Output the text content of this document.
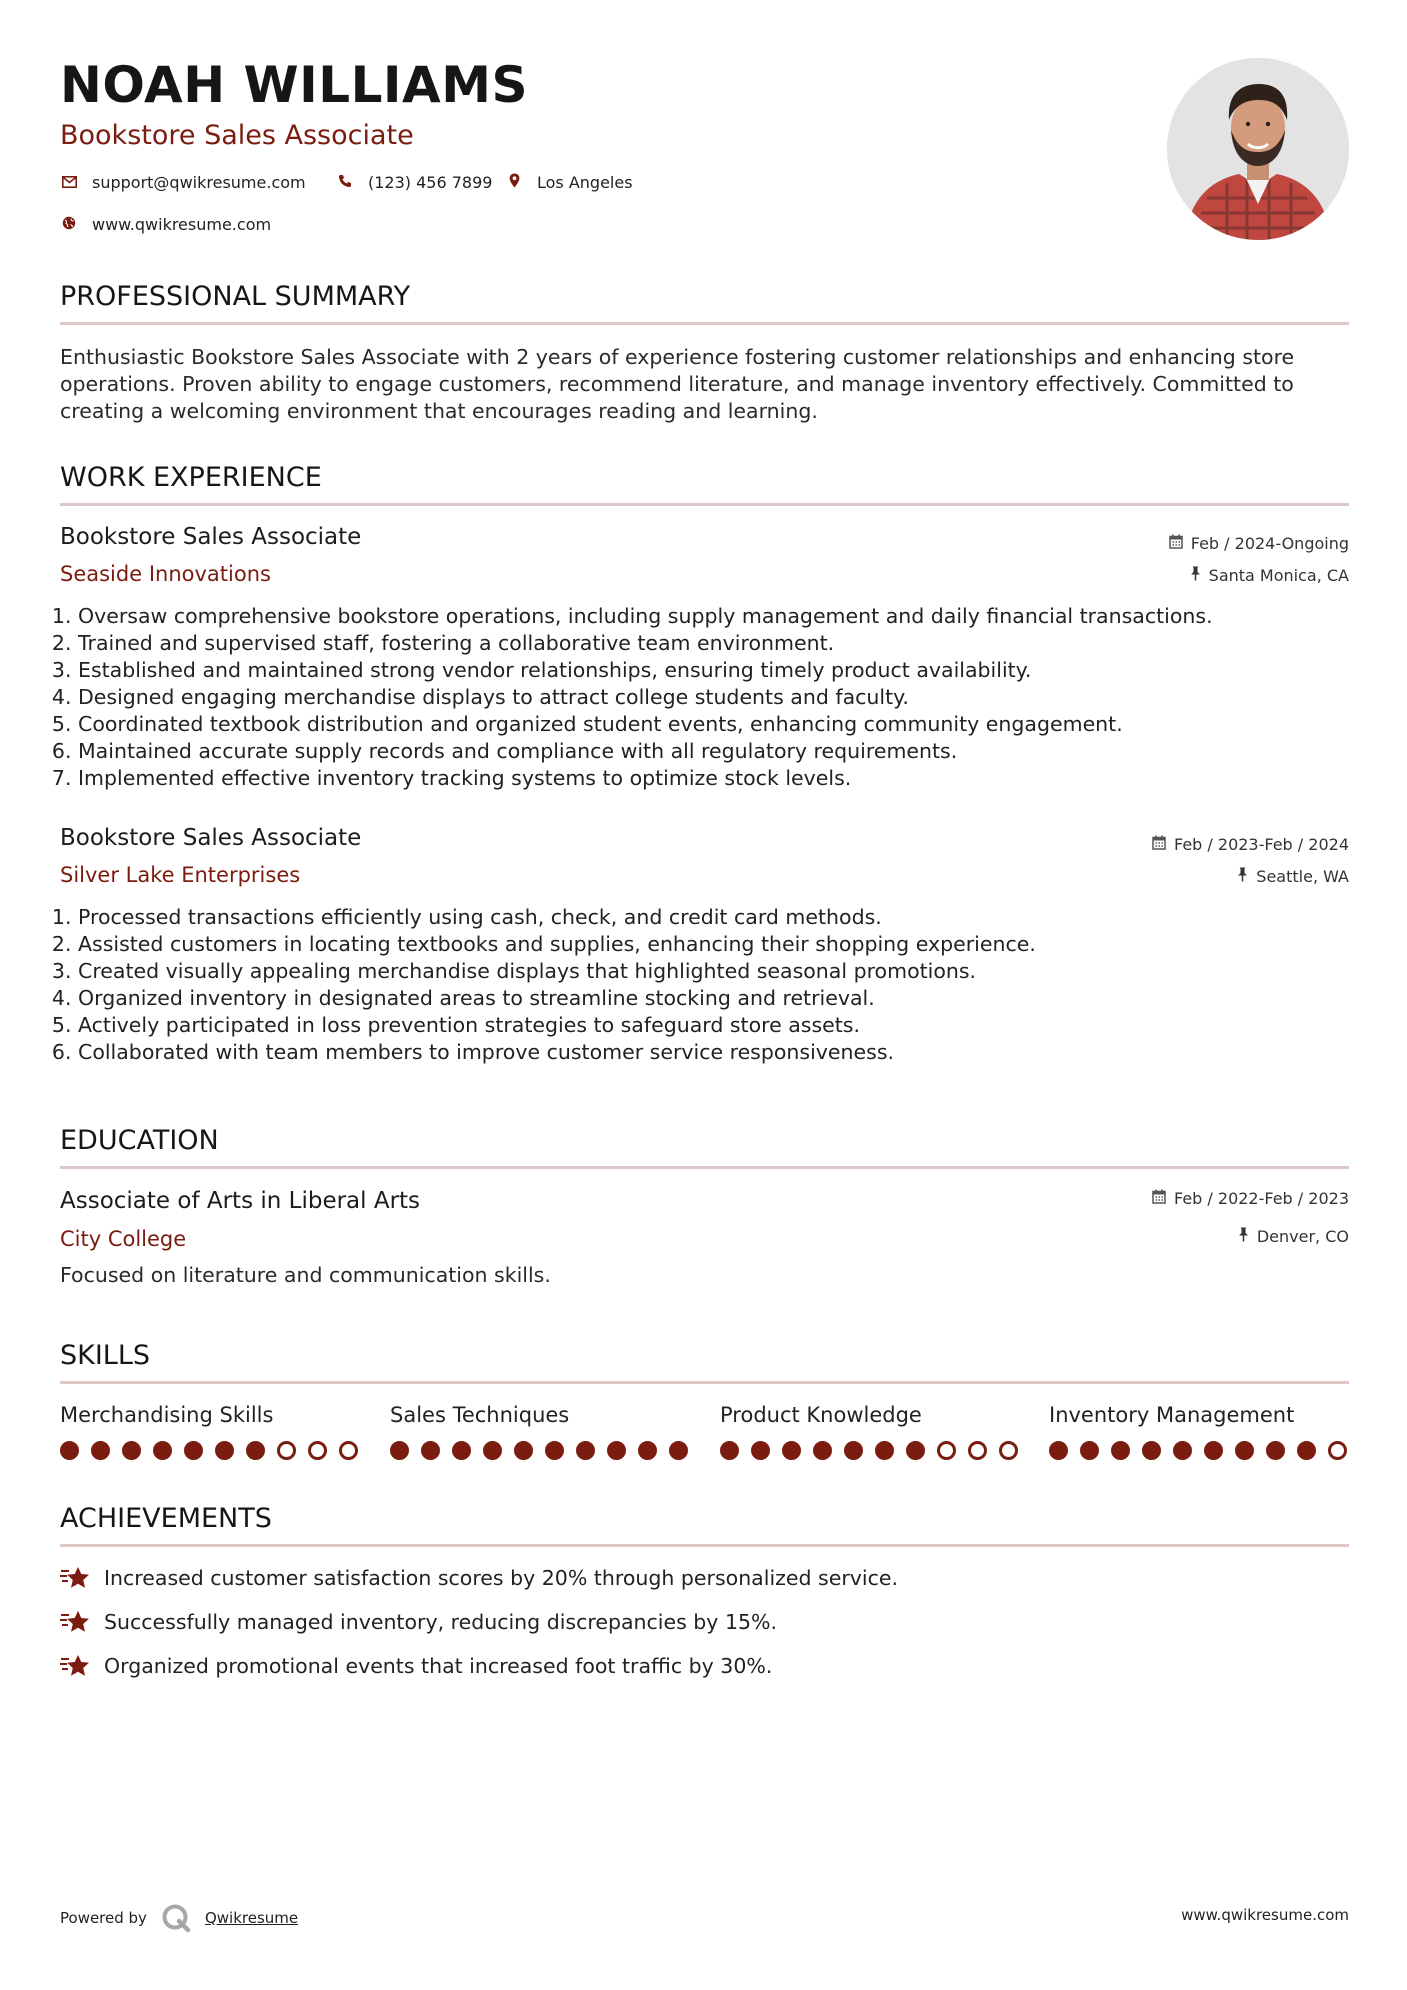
NOAH WILLIAMS
Bookstore Sales Associate
support@qwikresume.com	(123) 456 7899	Los Angeles
www.qwikresume.com
PROFESSIONAL SUMMARY
Enthusiastic Bookstore Sales Associate with 2 years of experience fostering customer relationships and enhancing store operations. Proven ability to engage customers, recommend literature, and manage inventory effectively. Committed to creating a welcoming environment that encourages reading and learning.
WORK EXPERIENCE
Bookstore Sales Associate
Seaside Innovations
Feb / 2024-Ongoing
Santa Monica, CA
1. Oversaw comprehensive bookstore operations, including supply management and daily financial transactions.
2. Trained and supervised staff, fostering a collaborative team environment.
3. Established and maintained strong vendor relationships, ensuring timely product availability.
4. Designed engaging merchandise displays to attract college students and faculty.
5. Coordinated textbook distribution and organized student events, enhancing community engagement.
6. Maintained accurate supply records and compliance with all regulatory requirements.
7. Implemented effective inventory tracking systems to optimize stock levels.
Bookstore Sales Associate
Silver Lake Enterprises
Feb / 2023-Feb / 2024
Seattle, WA
1. Processed transactions efficiently using cash, check, and credit card methods.
2. Assisted customers in locating textbooks and supplies, enhancing their shopping experience.
3. Created visually appealing merchandise displays that highlighted seasonal promotions.
4. Organized inventory in designated areas to streamline stocking and retrieval.
5. Actively participated in loss prevention strategies to safeguard store assets.
6. Collaborated with team members to improve customer service responsiveness.
EDUCATION
Associate of Arts in Liberal Arts
City College
Feb / 2022-Feb / 2023
Denver, CO
Focused on literature and communication skills.
SKILLS
Merchandising Skills	Sales Techniques	Product Knowledge	Inventory Management
ACHIEVEMENTS
Increased customer satisfaction scores by 20% through personalized service.
Successfully managed inventory, reducing discrepancies by 15%.
Organized promotional events that increased foot traffic by 30%.
Powered by	Qwikresume	www.qwikresume.com
